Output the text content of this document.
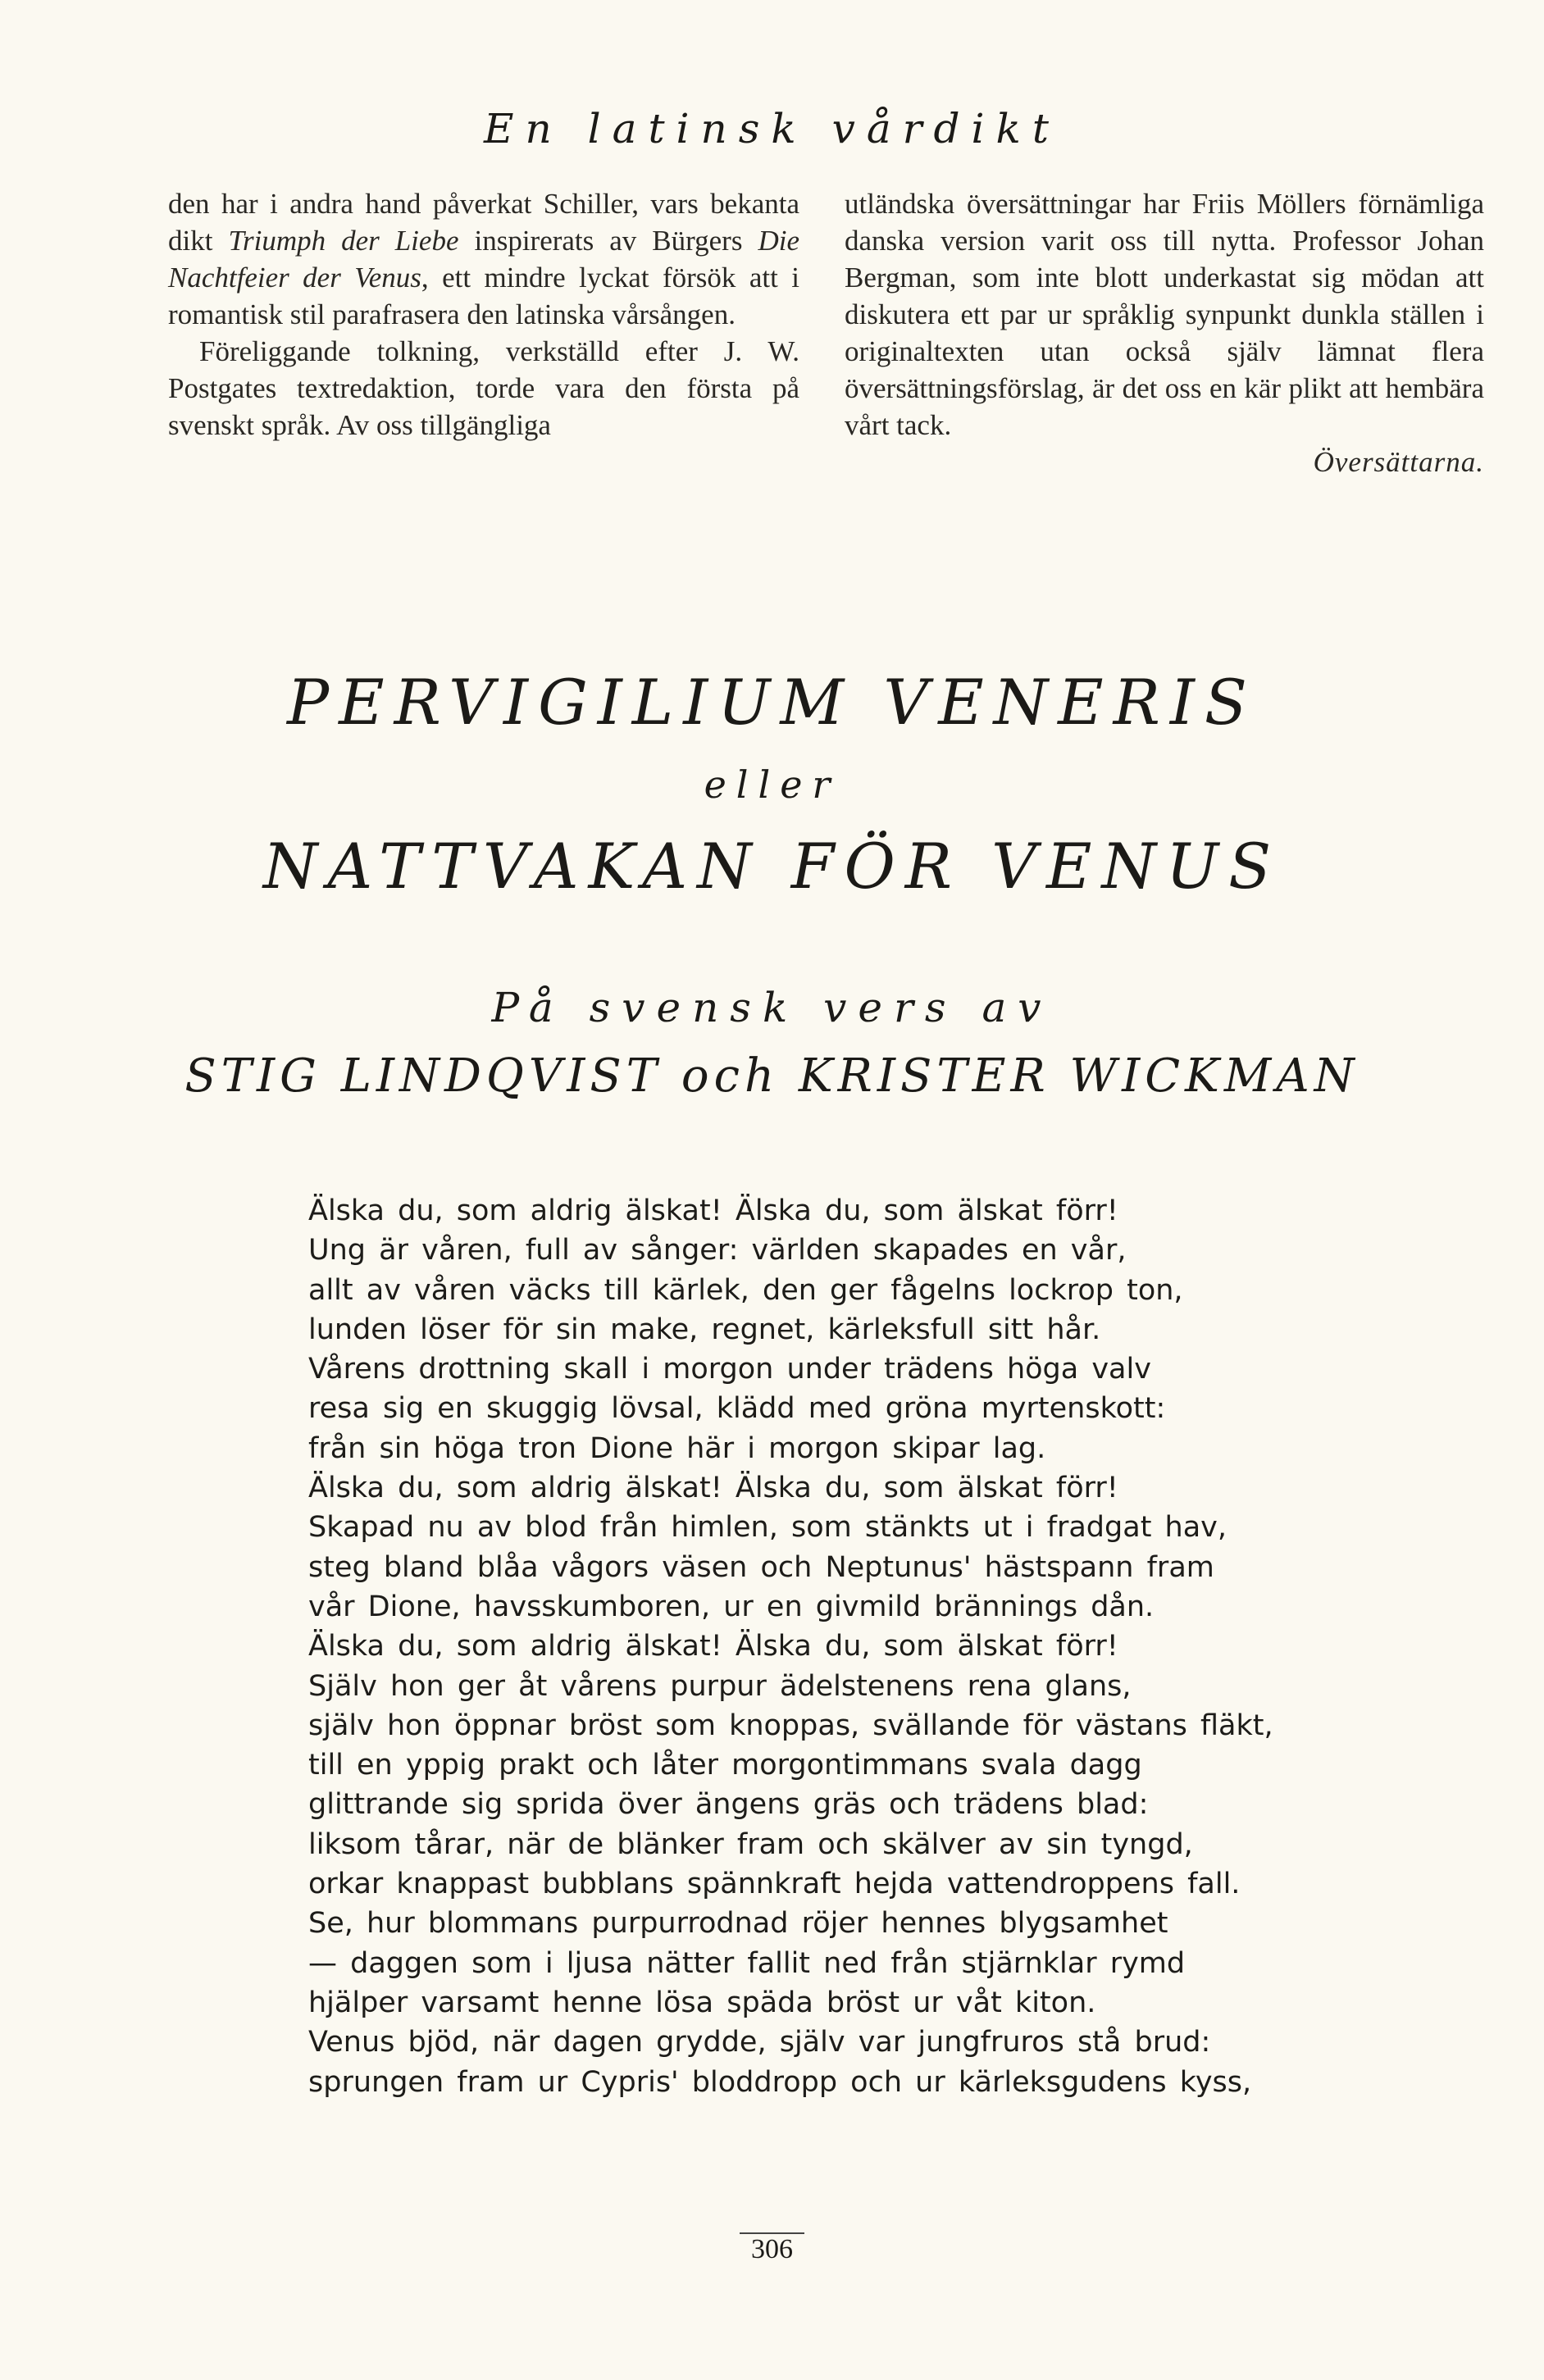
En latinsk vårdikt

den har i andra hand påverkat Schiller, vars bekanta dikt Triumph der Liebe inspirerats av Bürgers Die Nachtfeier der Venus, ett mindre lyckat försök att i romantisk stil parafrasera den latinska vårsången.

Föreliggande tolkning, verkställd efter J. W. Postgates textredaktion, torde vara den första på svenskt språk. Av oss tillgängliga

utländska översättningar har Friis Möllers förnämliga danska version varit oss till nytta. Professor Johan Bergman, som inte blott underkastat sig mödan att diskutera ett par ur språklig synpunkt dunkla ställen i originaltexten utan också själv lämnat flera översättningsförslag, är det oss en kär plikt att hembära vårt tack.

Översättarna.

PERVIGILIUM VENERIS
eller
NATTVAKAN FÖR VENUS
På svensk vers av
STIG LINDQVIST och KRISTER WICKMAN
Älska du, som aldrig älskat! Älska du, som älskat förr!
Ung är våren, full av sånger: världen skapades en vår,
allt av våren väcks till kärlek, den ger fågelns lockrop ton,
lunden löser för sin make, regnet, kärleksfull sitt hår.
Vårens drottning skall i morgon under trädens höga valv
resa sig en skuggig lövsal, klädd med gröna myrtenskott:
från sin höga tron Dione här i morgon skipar lag.
Älska du, som aldrig älskat! Älska du, som älskat förr!
Skapad nu av blod från himlen, som stänkts ut i fradgat hav,
steg bland blåa vågors väsen och Neptunus' hästspann fram
vår Dione, havsskumboren, ur en givmild brännings dån.
Älska du, som aldrig älskat! Älska du, som älskat förr!
Själv hon ger åt vårens purpur ädelstenens rena glans,
själv hon öppnar bröst som knoppas, svällande för västans fläkt,
till en yppig prakt och låter morgontimmans svala dagg
glittrande sig sprida över ängens gräs och trädens blad:
liksom tårar, när de blänker fram och skälver av sin tyngd,
orkar knappast bubblans spännkraft hejda vattendroppens fall.
Se, hur blommans purpurrodnad röjer hennes blygsamhet
— daggen som i ljusa nätter fallit ned från stjärnklar rymd
hjälper varsamt henne lösa späda bröst ur våt kiton.
Venus bjöd, när dagen grydde, själv var jungfruros stå brud:
sprungen fram ur Cypris' bloddropp och ur kärleksgudens kyss,
306
